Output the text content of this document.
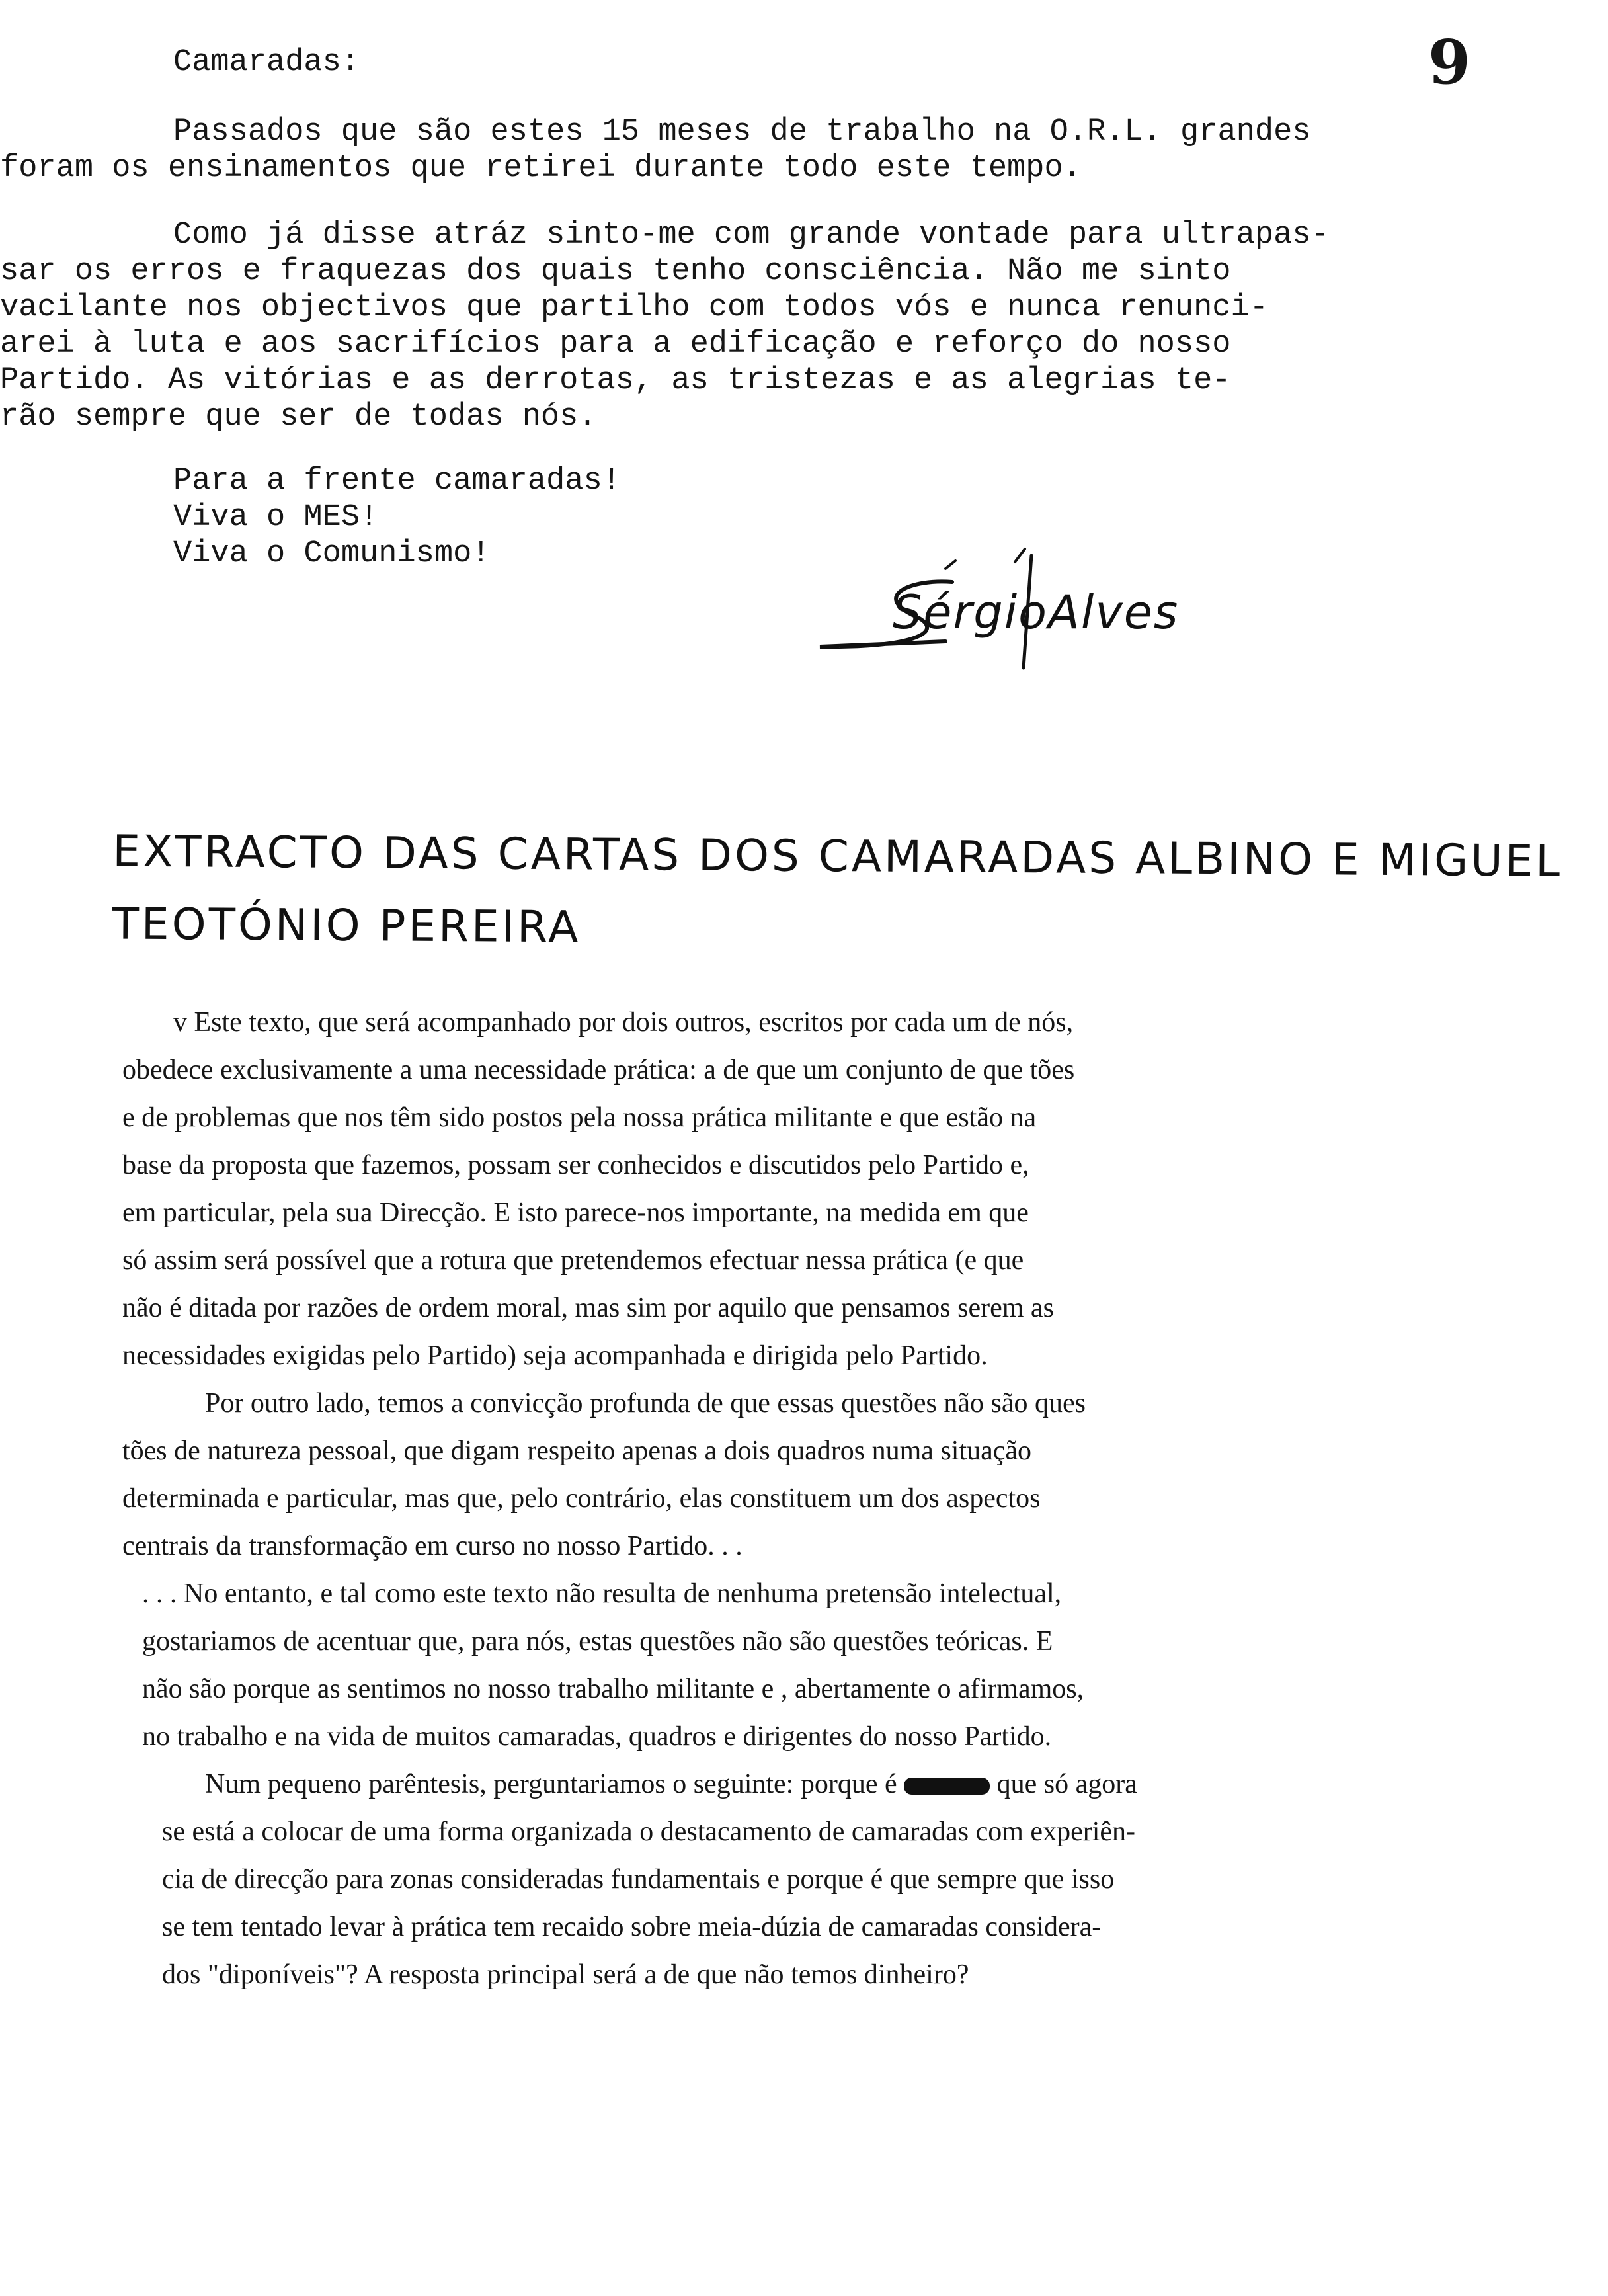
9
Camaradas:
Passados que são estes 15 meses de trabalho na O.R.L. grandes
foram os ensinamentos que retirei durante todo este tempo.
Como já disse atráz sinto-me com grande vontade para ultrapas-
sar os erros e fraquezas dos quais tenho consciência. Não me sinto
vacilante nos objectivos que partilho com todos vós e nunca renunci-
arei à luta e aos sacrifícios para a edificação e reforço do nosso
Partido. As vitórias e as derrotas, as tristezas e as alegrias te-
rão sempre que ser de todas nós.
Para a frente camaradas!
Viva o MES!
Viva o Comunismo!
SérgioAlves
EXTRACTO DAS CARTAS DOS CAMARADAS ALBINO E MIGUEL
TEOTÓNIO PEREIRA
v Este texto, que será acompanhado por dois outros, escritos por cada um de nós,
obedece exclusivamente a uma necessidade prática: a de que um conjunto de que tões
e de problemas que nos têm sido postos pela nossa prática militante e que estão na
base da proposta que fazemos, possam ser conhecidos e discutidos pelo Partido e,
em particular, pela sua Direcção. E isto parece-nos importante, na medida em que
só assim será possível que a rotura que pretendemos efectuar nessa prática (e que
não é ditada por razões de ordem moral, mas sim por aquilo que pensamos serem as
necessidades exigidas pelo Partido) seja acompanhada e dirigida pelo Partido.
Por outro lado, temos a convicção profunda de que essas questões não são ques
tões de natureza pessoal, que digam respeito apenas a dois quadros numa situação
determinada e particular, mas que, pelo contrário, elas constituem um dos aspectos
centrais da transformação em curso no nosso Partido. . .
. . . No entanto, e tal como este texto não resulta de nenhuma pretensão intelectual,
gostariamos de acentuar que, para nós, estas questões não são questões teóricas. E
não são porque as sentimos no nosso trabalho militante e , abertamente o afirmamos,
no trabalho e na vida de muitos camaradas, quadros e dirigentes do nosso Partido.
Num pequeno parêntesis, perguntariamos o seguinte: porque é	que só agora
se está a colocar de uma forma organizada o destacamento de camaradas com experiên-
cia de direcção para zonas consideradas fundamentais e porque é que sempre que isso
se tem tentado levar à prática tem recaido sobre meia-dúzia de camaradas considera-
dos "diponíveis"? A resposta principal será a de que não temos dinheiro?
